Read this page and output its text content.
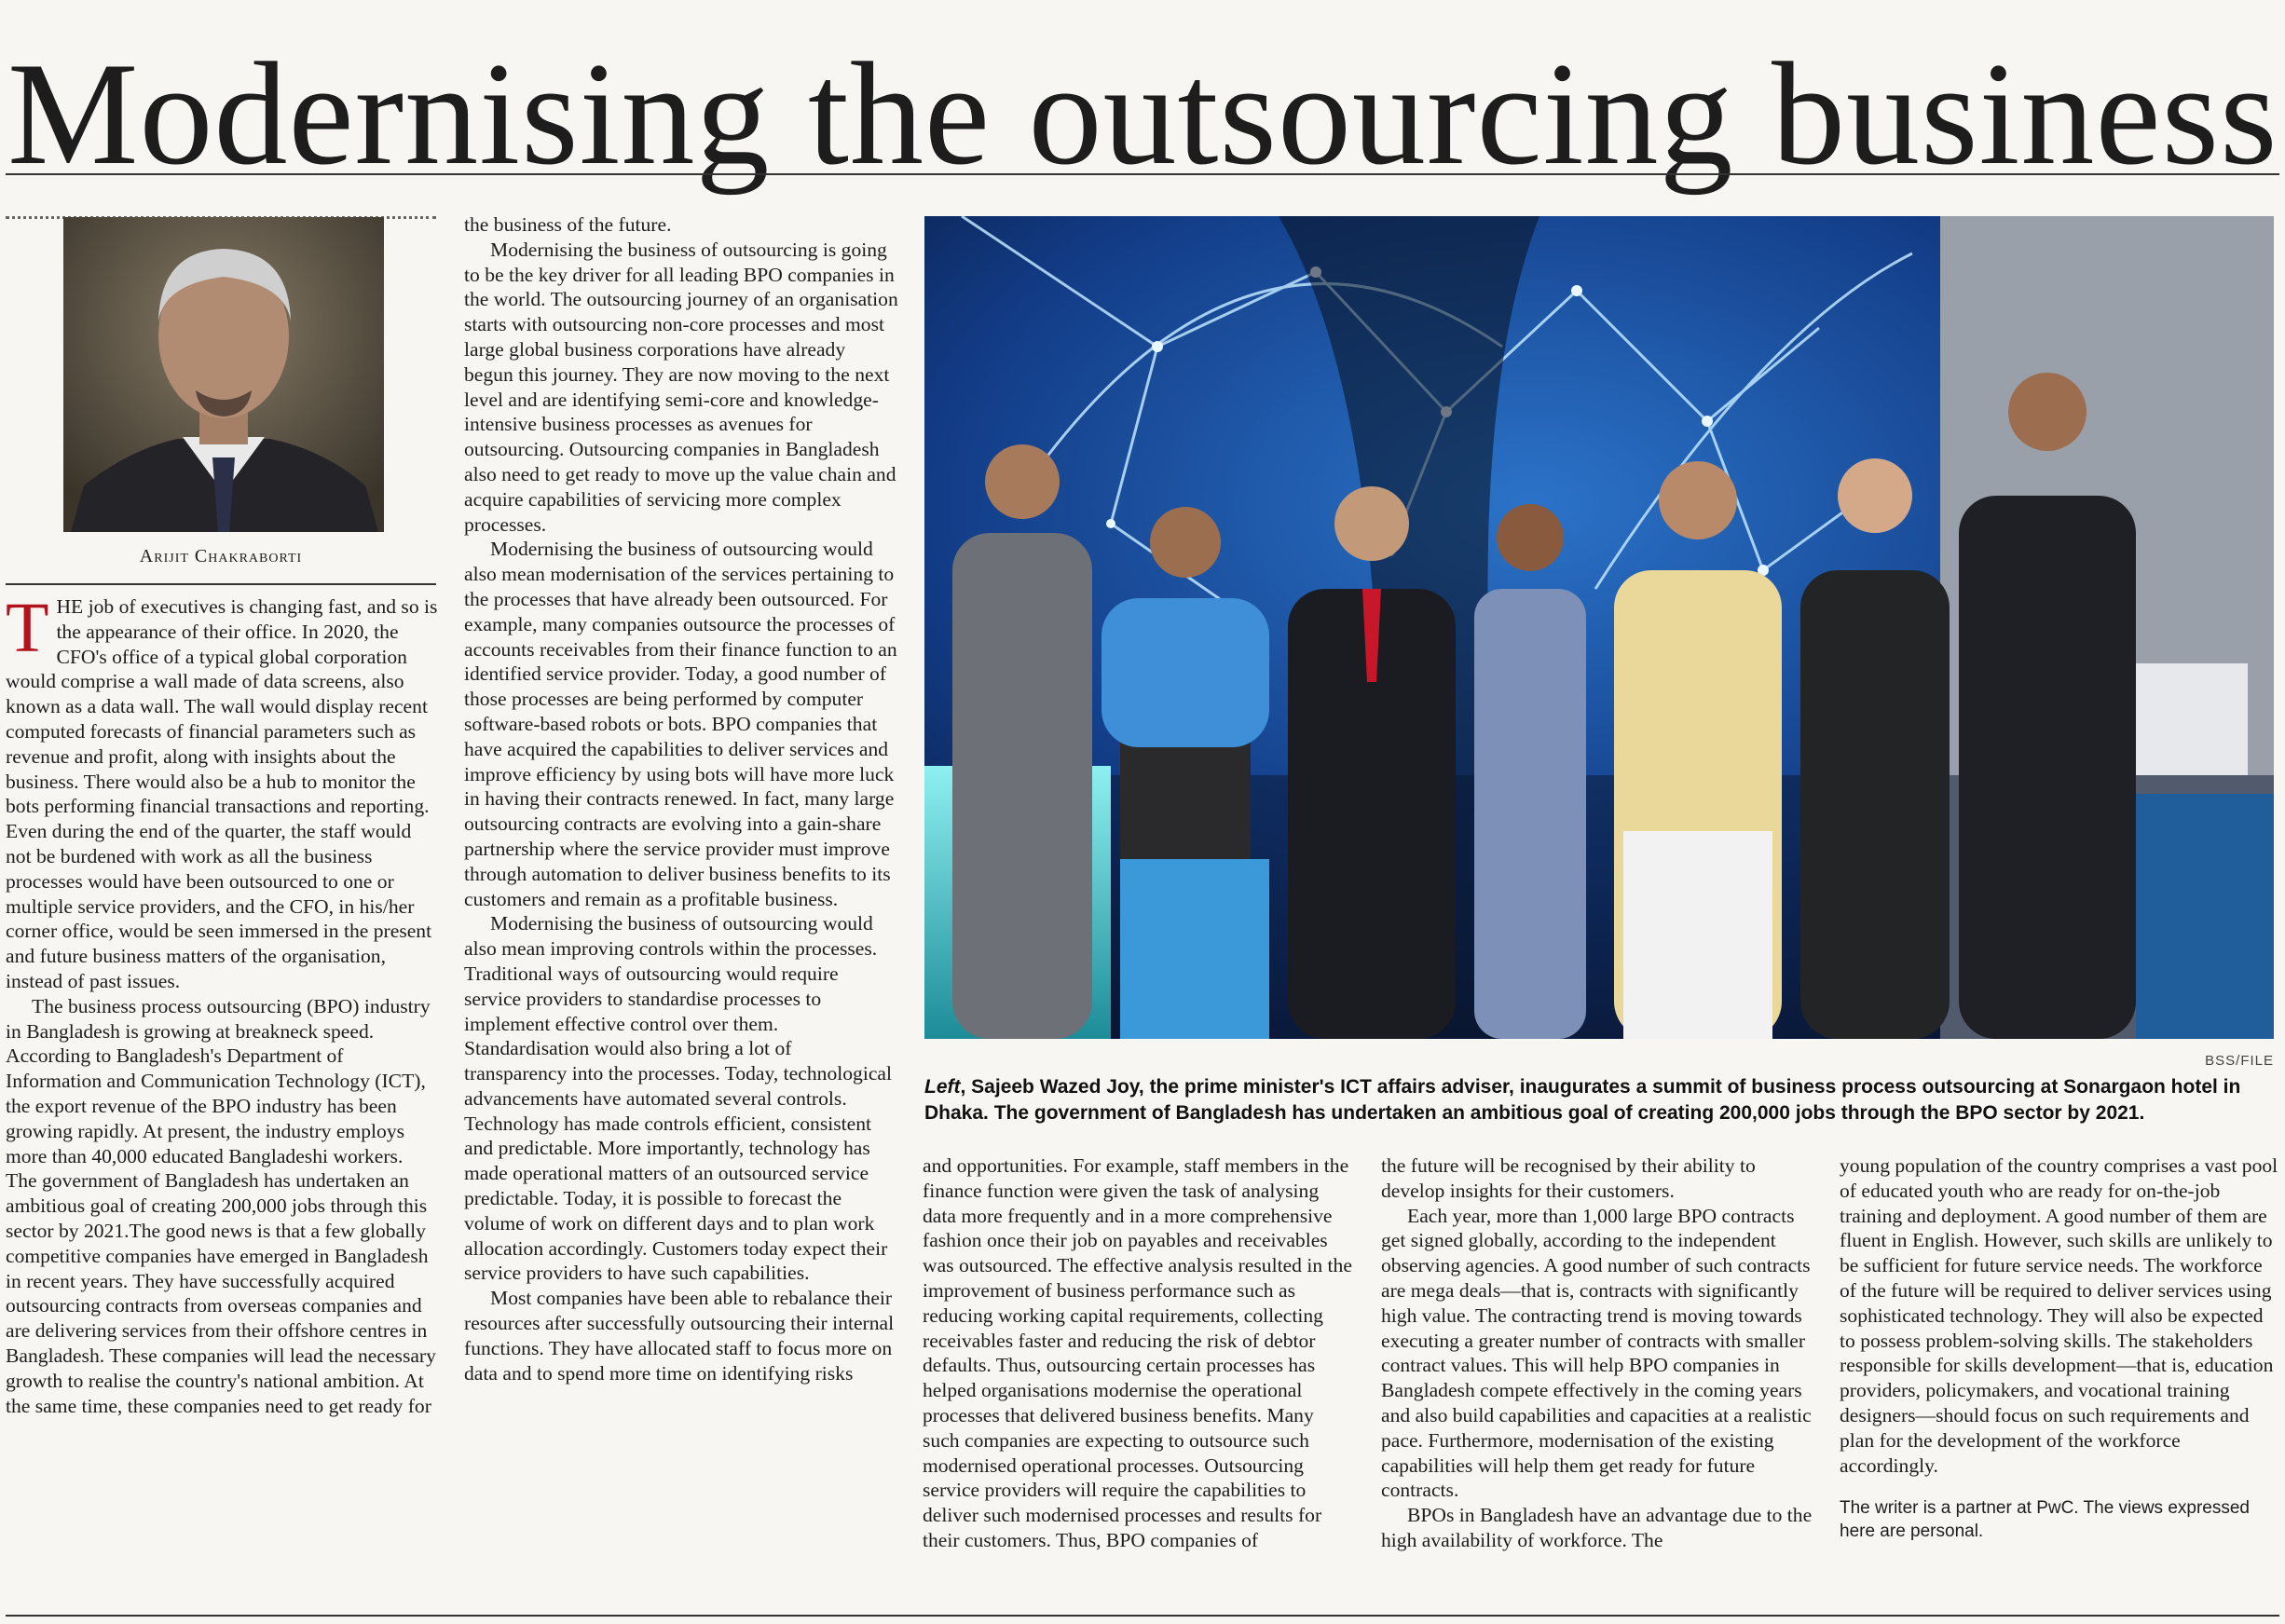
Modernising the outsourcing business
Arijit Chakraborti

THE job of executives is changing fast, and so is the appearance of their office. In 2020, the CFO's office of a typical global corporation would comprise a wall made of data screens, also known as a data wall. The wall would display recent computed forecasts of financial parameters such as revenue and profit, along with insights about the business. There would also be a hub to monitor the bots performing financial transactions and reporting. Even during the end of the quarter, the staff would not be burdened with work as all the business processes would have been outsourced to one or multiple service providers, and the CFO, in his/her corner office, would be seen immersed in the present and future business matters of the organisation, instead of past issues.

The business process outsourcing (BPO) industry in Bangladesh is growing at breakneck speed. According to Bangladesh's Department of Information and Communication Technology (ICT), the export revenue of the BPO industry has been growing rapidly. At present, the industry employs more than 40,000 educated Bangladeshi workers. The government of Bangladesh has undertaken an ambitious goal of creating 200,000 jobs through this sector by 2021.The good news is that a few globally competitive companies have emerged in Bangladesh in recent years. They have successfully acquired outsourcing contracts from overseas companies and are delivering services from their offshore centres in Bangladesh. These companies will lead the necessary growth to realise the country's national ambition. At the same time, these companies need to get ready for

the business of the future.

Modernising the business of outsourcing is going to be the key driver for all leading BPO companies in the world. The outsourcing journey of an organisation starts with outsourcing non-core processes and most large global business corporations have already begun this journey. They are now moving to the next level and are identifying semi-core and knowledge-intensive business processes as avenues for outsourcing. Outsourcing companies in Bangladesh also need to get ready to move up the value chain and acquire capabilities of servicing more complex processes.

Modernising the business of outsourcing would also mean modernisation of the services pertaining to the processes that have already been outsourced. For example, many companies outsource the processes of accounts receivables from their finance function to an identified service provider. Today, a good number of those processes are being performed by computer software-based robots or bots. BPO companies that have acquired the capabilities to deliver services and improve efficiency by using bots will have more luck in having their contracts renewed. In fact, many large outsourcing contracts are evolving into a gain-share partnership where the service provider must improve through automation to deliver business benefits to its customers and remain as a profitable business.

Modernising the business of outsourcing would also mean improving controls within the processes. Traditional ways of outsourcing would require service providers to standardise processes to implement effective control over them. Standardisation would also bring a lot of transparency into the processes. Today, technological advancements have automated several controls. Technology has made controls efficient, consistent and predictable. More importantly, technology has made operational matters of an outsourced service predictable. Today, it is possible to forecast the volume of work on different days and to plan work allocation accordingly. Customers today expect their service providers to have such capabilities.

Most companies have been able to rebalance their resources after successfully outsourcing their internal functions. They have allocated staff to focus more on data and to spend more time on identifying risks

BSS/FILE

Left, Sajeeb Wazed Joy, the prime minister's ICT affairs adviser, inaugurates a summit of business process outsourcing at Sonargaon hotel in Dhaka. The government of Bangladesh has undertaken an ambitious goal of creating 200,000 jobs through the BPO sector by 2021.

and opportunities. For example, staff members in the finance function were given the task of analysing data more frequently and in a more comprehensive fashion once their job on payables and receivables was outsourced. The effective analysis resulted in the improvement of business performance such as reducing working capital requirements, collecting receivables faster and reducing the risk of debtor defaults. Thus, outsourcing certain processes has helped organisations modernise the operational processes that delivered business benefits. Many such companies are expecting to outsource such modernised operational processes. Outsourcing service providers will require the capabilities to deliver such modernised processes and results for their customers. Thus, BPO companies of

the future will be recognised by their ability to develop insights for their customers.

Each year, more than 1,000 large BPO contracts get signed globally, according to the independent observing agencies. A good number of such contracts are mega deals—that is, contracts with significantly high value. The contracting trend is moving towards executing a greater number of contracts with smaller contract values. This will help BPO companies in Bangladesh compete effectively in the coming years and also build capabilities and capacities at a realistic pace. Furthermore, modernisation of the existing capabilities will help them get ready for future contracts.

BPOs in Bangladesh have an advantage due to the high availability of workforce. The

young population of the country comprises a vast pool of educated youth who are ready for on-the-job training and deployment. A good number of them are fluent in English. However, such skills are unlikely to be sufficient for future service needs. The workforce of the future will be required to deliver services using sophisticated technology. They will also be expected to possess problem-solving skills. The stakeholders responsible for skills development—that is, education providers, policymakers, and vocational training designers—should focus on such requirements and plan for the development of the workforce accordingly.

The writer is a partner at PwC. The views expressed here are personal.
